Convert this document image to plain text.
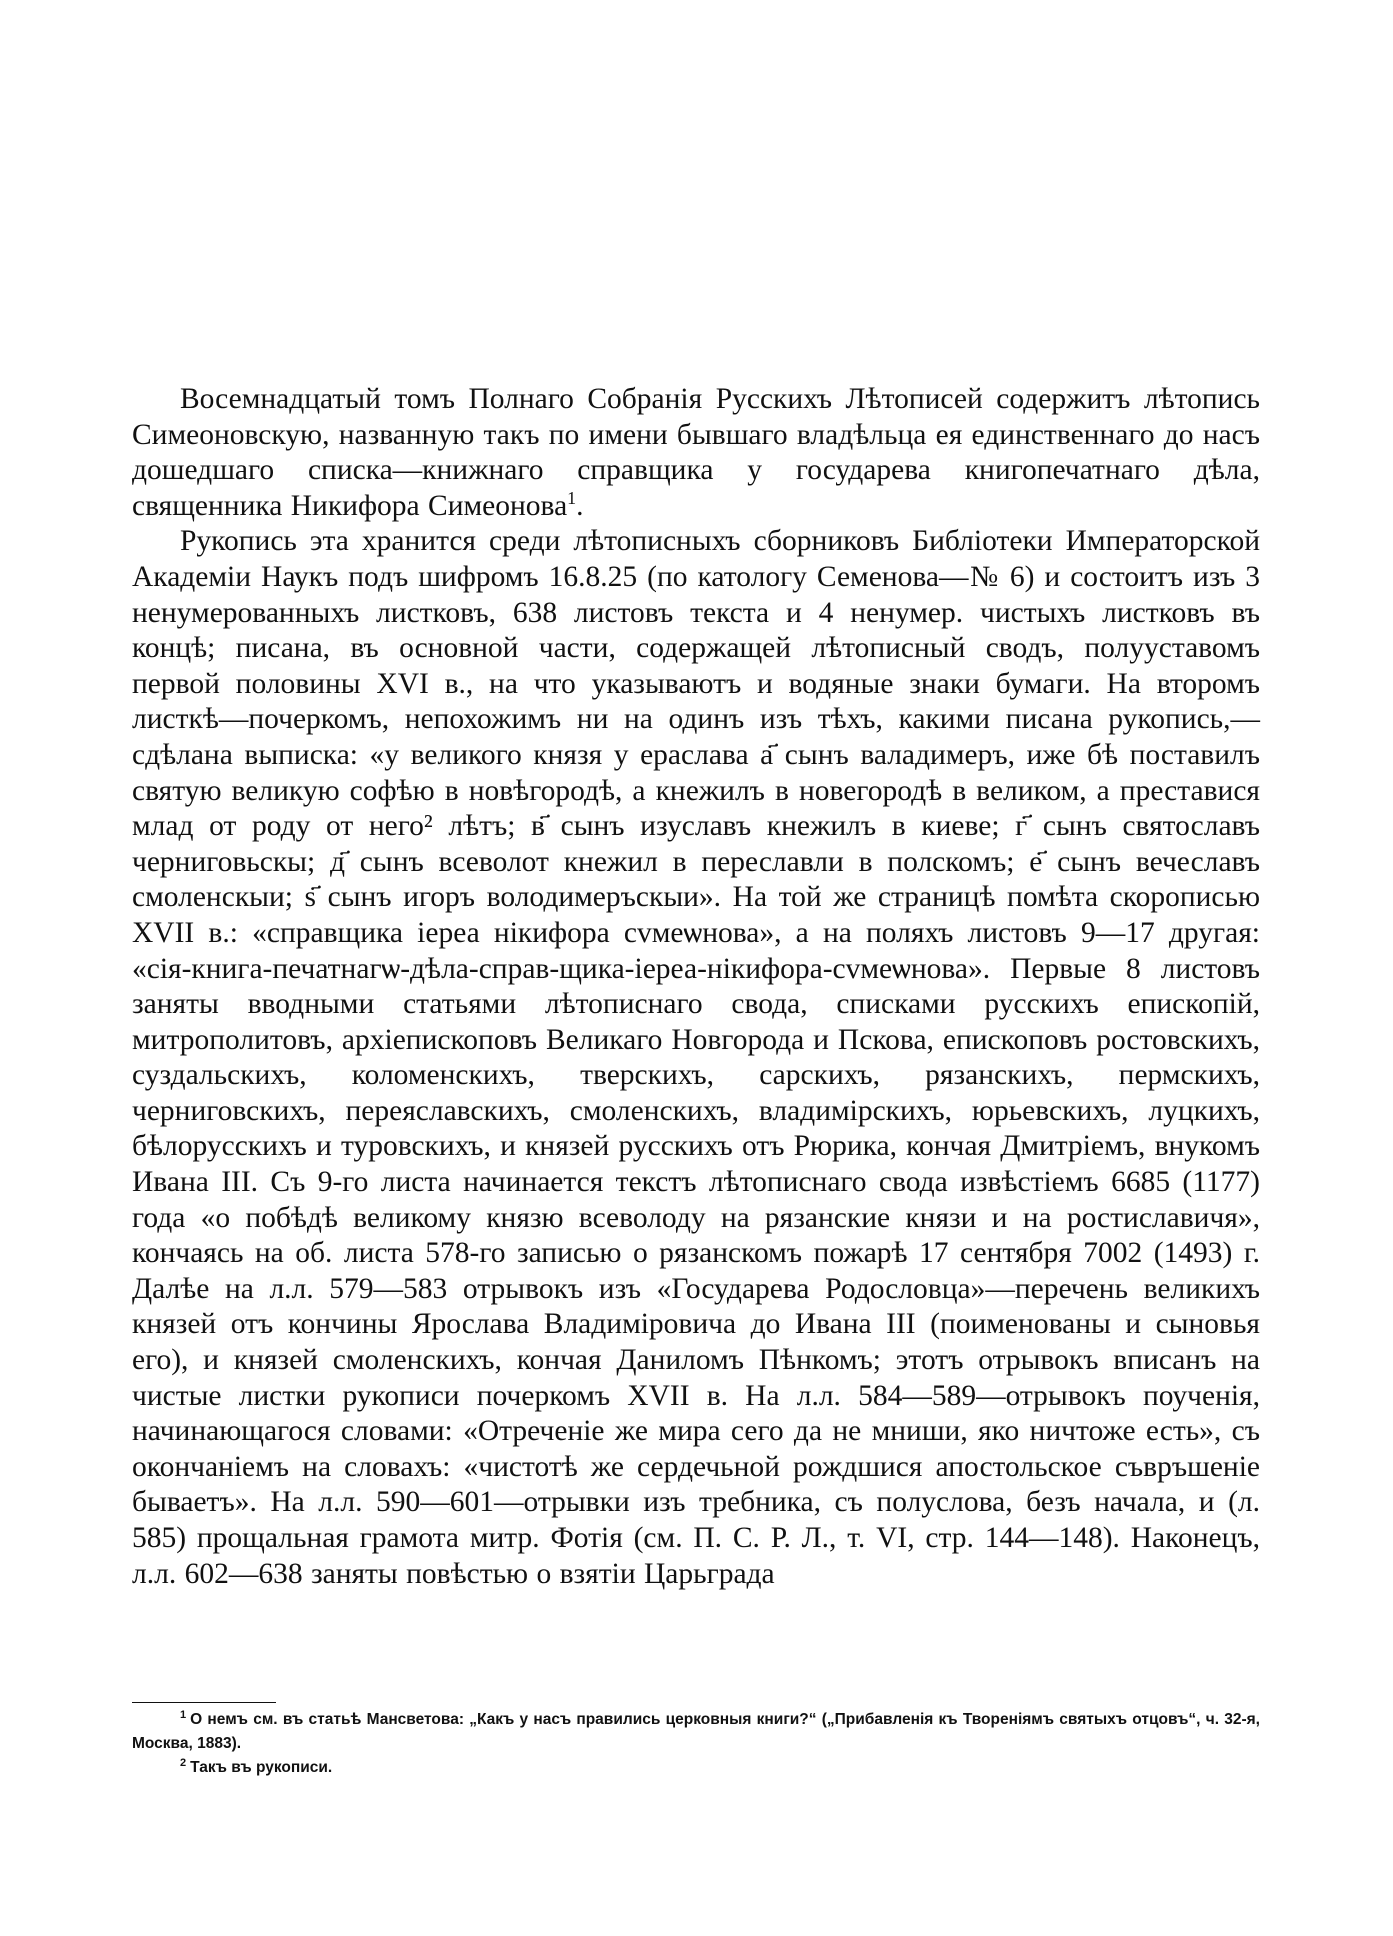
Восемнадцатый томъ Полнаго Собранія Русскихъ Лѣтописей содержитъ лѣтопись Симеоновскую, названную такъ по имени бывшаго владѣльца ея единственнаго до насъ дошедшаго списка—книжнаго справщика у государева книгопечатнаго дѣла, священника Никифора Симеонова$^1$.

Рукопись эта хранится среди лѣтописныхъ сборниковъ Библіотеки Императорской Академіи Наукъ подъ шифромъ 16.8.25 (по католoгу Семенова—№ 6) и состоитъ изъ 3 ненумерованныхъ листковъ, 638 листовъ текста и 4 ненумер. чистыхъ листковъ въ концѣ; писана, въ основной части, содержащей лѣтописный сводъ, полууставомъ первой половины XVI в., на что указываютъ и водяные знаки бумаги. На второмъ листкѣ—почеркомъ, непохожимъ ни на одинъ изъ тѣхъ, какими писана рукопись,—сдѣлана выписка: «у великого князя у ерaслава а҃ сынъ валадимеръ, иже бѣ поставилъ святую великую софѣю в новѣгородѣ, а кнежилъ в новегородѣ в великом, а преставися млад от роду от него² лѣтъ; в҃ сынъ изуславъ кнежилъ в киеве; г҃ сынъ святославъ черниговьскы; д҃ сынъ всеволот кнежил в переславли в полскомъ; е҃ сынъ вечеславъ смоленскыи; ѕ҃ сынъ игоръ володимеръскыи». На той же страницѣ помѣта скорописью XVII в.: «справщика іереа нікифора сvмеѡнова», а на поляхъ листовъ 9—17 другая: «сія-книга-печатнагѡ-дѣла-справ-щика-іереа-нікифора-сvмеѡнова». Первые 8 листовъ заняты вводными статьями лѣтописнаго свода, списками русскихъ епископій, митрополитовъ, архіепископовъ Великаго Новгорода и Пскова, епископовъ ростовскихъ, суздальскихъ, коломенскихъ, тверскихъ, сарскихъ, рязанскихъ, пермскихъ, черниговскихъ, переяславскихъ, смоленскихъ, владимірскихъ, юрьевскихъ, луцкихъ, бѣлорусскихъ и туровскихъ, и князей русскихъ отъ Рюрика, кончая Дмитріемъ, внукомъ Ивана III. Съ 9-го листа начинается текстъ лѣтописнаго свода извѣстіемъ 6685 (1177) года «о побѣдѣ великому князю всеволоду на рязанские князи и на ростиславичя», кончаясь на об. листа 578-го записью о рязанскомъ пожарѣ 17 сентября 7002 (1493) г. Далѣе на л.л. 579—583 отрывокъ изъ «Государева Родословца»—перечень великихъ князей отъ кончины Ярослава Владиміровича до Ивана III (поименованы и сыновья его), и князей смоленскихъ, кончая Даниломъ Пѣнкомъ; этотъ отрывокъ вписанъ на чистые листки рукописи почеркомъ XVII в. На л.л. 584—589—отрывокъ поученія, начинающагося словами: «Отреченіе же мира сего да не мниши, яко ничтоже есть», съ окончаніемъ на словахъ: «чистотѣ же сердечьной рождшися апостольское съвръшеніе бываетъ». На л.л. 590—601—отрывки изъ требника, съ полуслова, безъ начала, и (л. 585) прощальная грамота митр. Фотія (см. П. С. Р. Л., т. VI, стр. 144—148). Наконецъ, л.л. 602—638 заняты повѣстью о взятіи Царьграда

$^1$ О немъ см. въ статьѣ Мансветова: „Какъ у насъ правились церковныя книги?“ („Прибавленія къ Твореніямъ святыхъ отцовъ“, ч. 32-я, Москва, 1883).

$^2$ Такъ въ рукописи.
